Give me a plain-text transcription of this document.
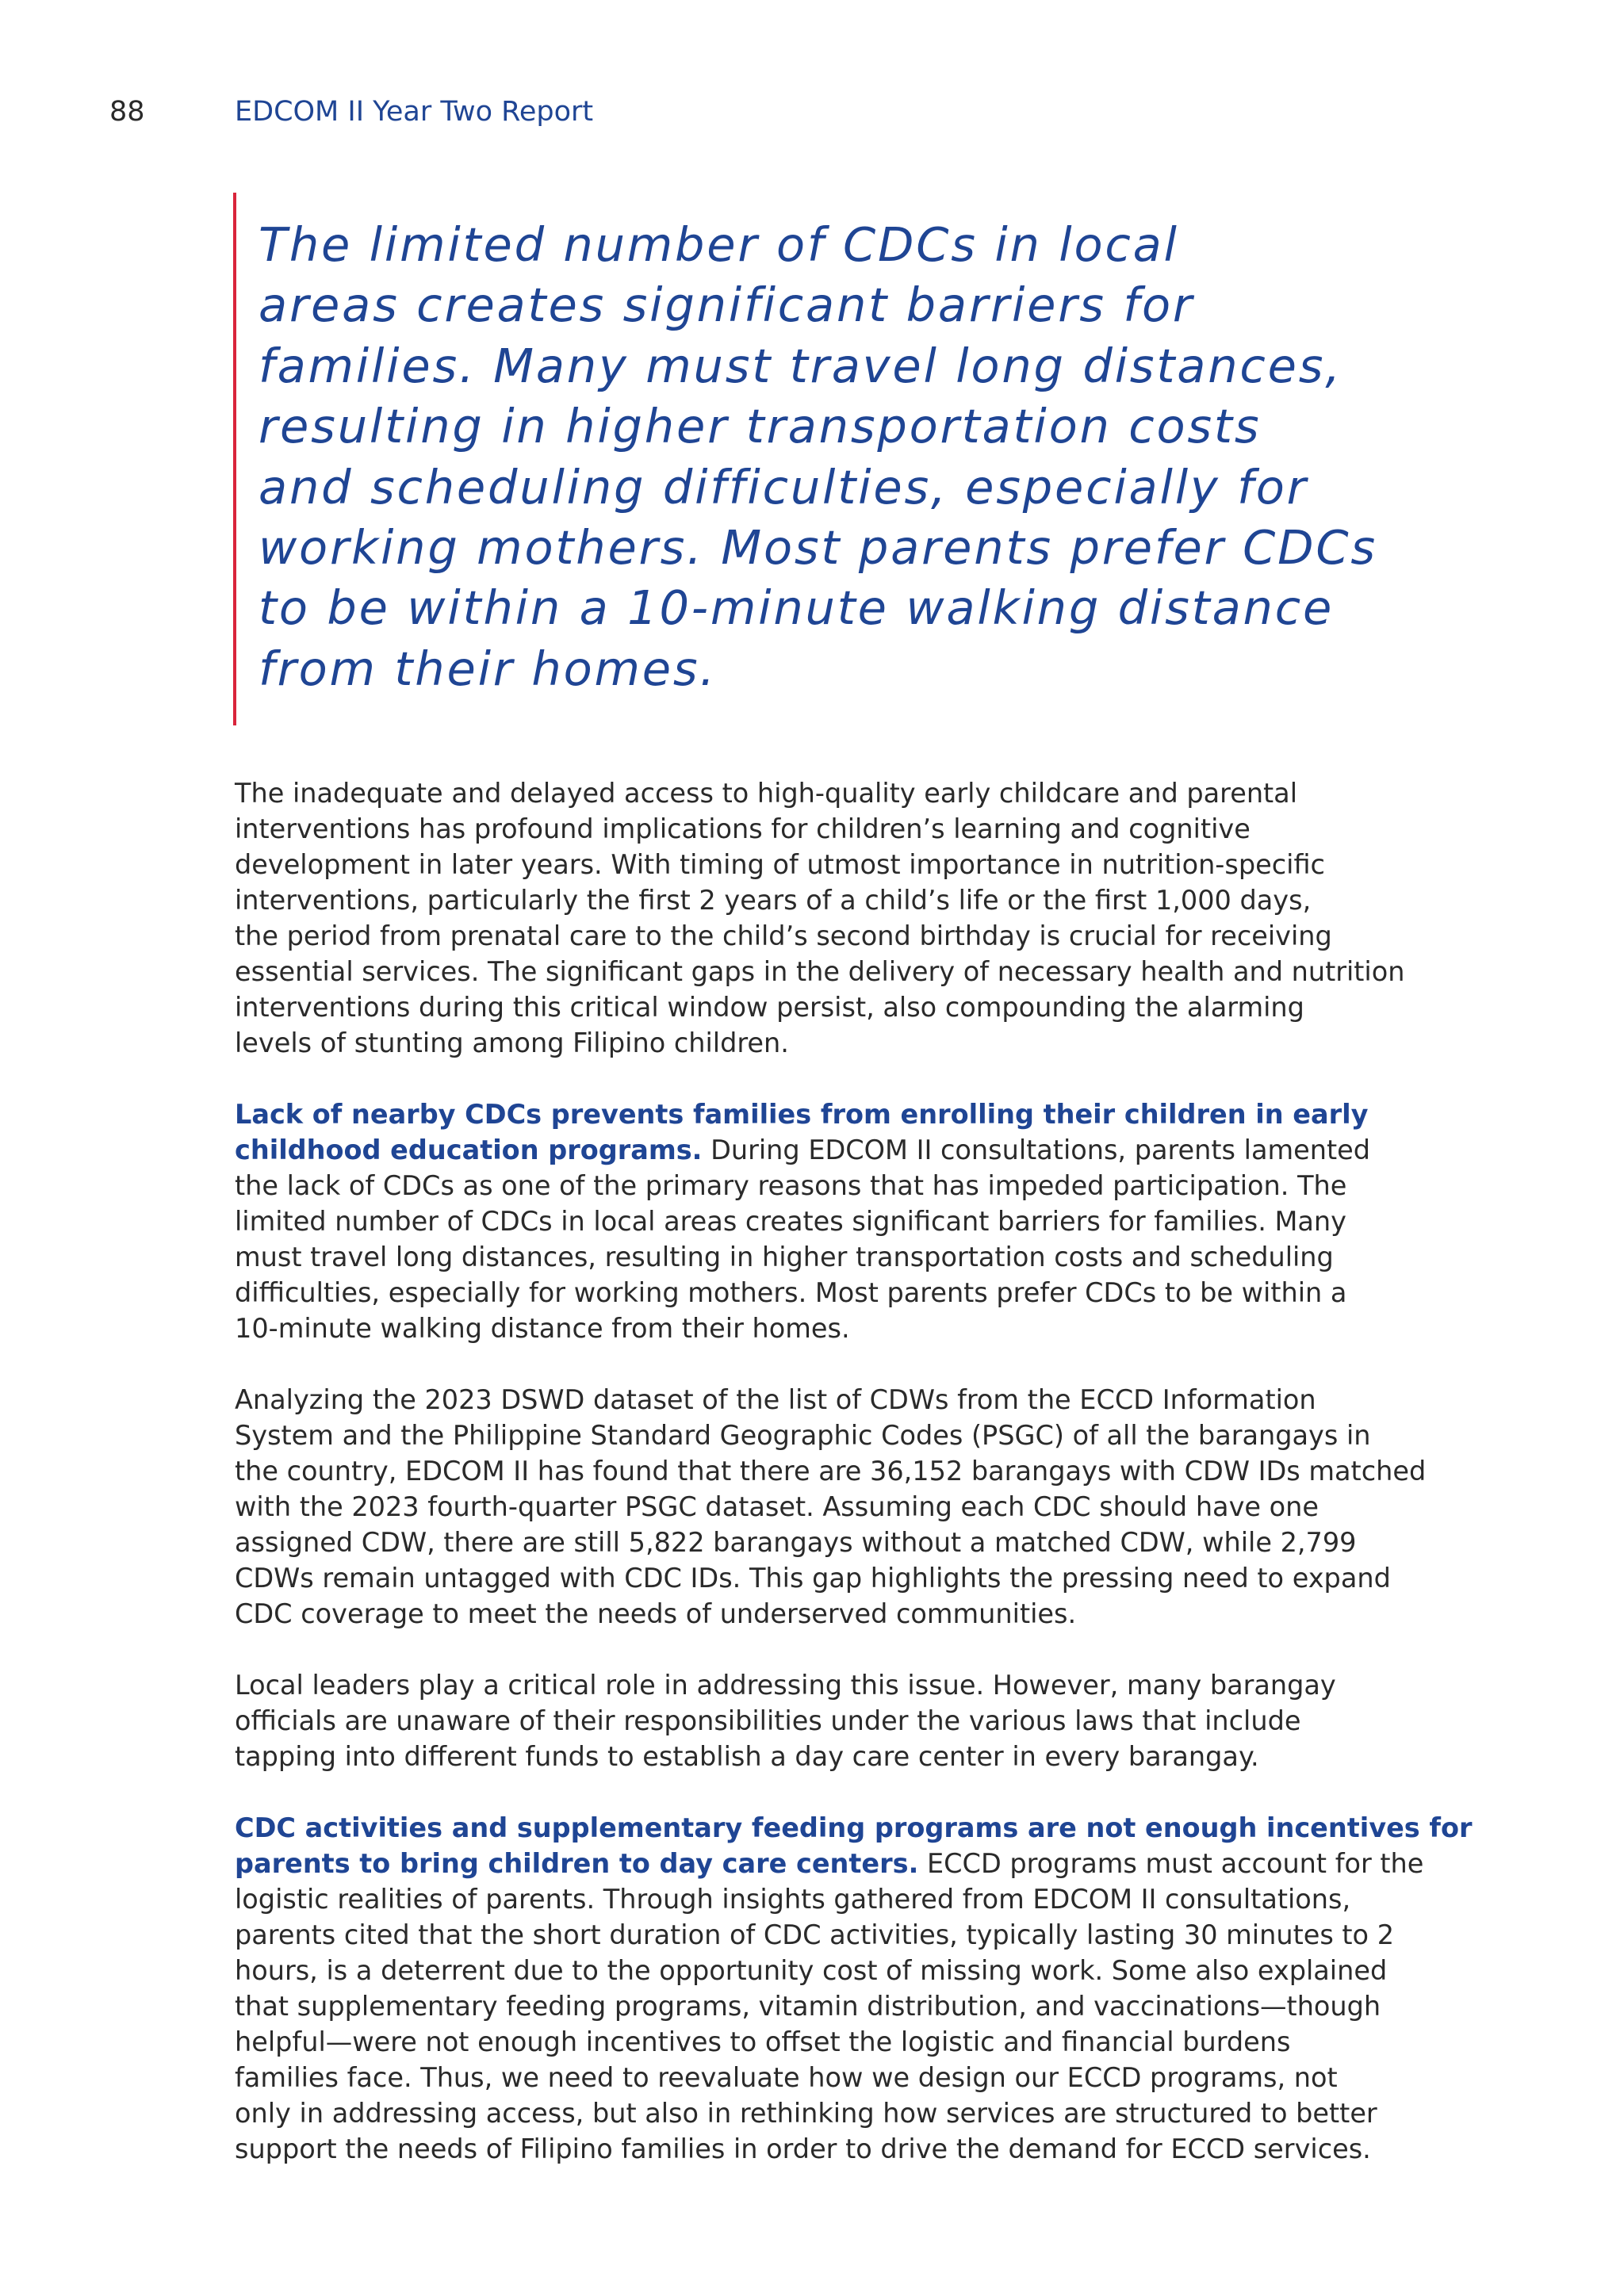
88	EDCOM II Year Two Report

The limited number of CDCs in local
areas creates significant barriers for
families. Many must travel long distances,
resulting in higher transportation costs
and scheduling difficulties, especially for
working mothers. Most parents prefer CDCs
to be within a 10-minute walking distance
from their homes.

The inadequate and delayed access to high-quality early childcare and parental
interventions has profound implications for children’s learning and cognitive
development in later years. With timing of utmost importance in nutrition-specific
interventions, particularly the first 2 years of a child’s life or the first 1,000 days,
the period from prenatal care to the child’s second birthday is crucial for receiving
essential services. The significant gaps in the delivery of necessary health and nutrition
interventions during this critical window persist, also compounding the alarming
levels of stunting among Filipino children.

Lack of nearby CDCs prevents families from enrolling their children in early
childhood education programs. During EDCOM II consultations, parents lamented
the lack of CDCs as one of the primary reasons that has impeded participation. The
limited number of CDCs in local areas creates significant barriers for families. Many
must travel long distances, resulting in higher transportation costs and scheduling
difficulties, especially for working mothers. Most parents prefer CDCs to be within a
10-minute walking distance from their homes.

Analyzing the 2023 DSWD dataset of the list of CDWs from the ECCD Information
System and the Philippine Standard Geographic Codes (PSGC) of all the barangays in
the country, EDCOM II has found that there are 36,152 barangays with CDW IDs matched
with the 2023 fourth-quarter PSGC dataset. Assuming each CDC should have one
assigned CDW, there are still 5,822 barangays without a matched CDW, while 2,799
CDWs remain untagged with CDC IDs. This gap highlights the pressing need to expand
CDC coverage to meet the needs of underserved communities.

Local leaders play a critical role in addressing this issue. However, many barangay
officials are unaware of their responsibilities under the various laws that include
tapping into different funds to establish a day care center in every barangay.

CDC activities and supplementary feeding programs are not enough incentives for
parents to bring children to day care centers. ECCD programs must account for the
logistic realities of parents. Through insights gathered from EDCOM II consultations,
parents cited that the short duration of CDC activities, typically lasting 30 minutes to 2
hours, is a deterrent due to the opportunity cost of missing work. Some also explained
that supplementary feeding programs, vitamin distribution, and vaccinations—though
helpful—were not enough incentives to offset the logistic and financial burdens
families face. Thus, we need to reevaluate how we design our ECCD programs, not
only in addressing access, but also in rethinking how services are structured to better
support the needs of Filipino families in order to drive the demand for ECCD services.
